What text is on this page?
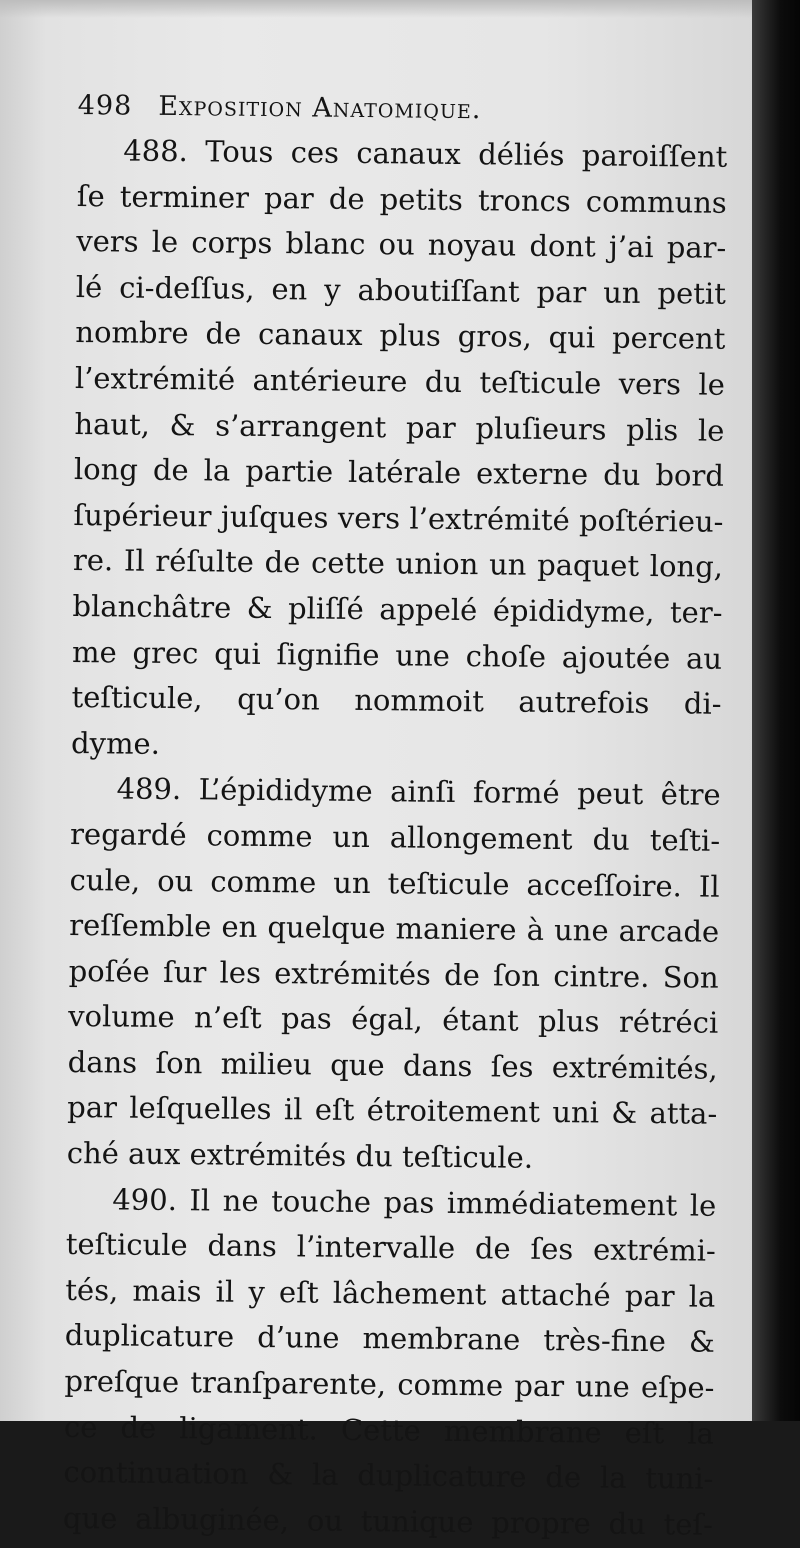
498 Exposition Anatomique.
488. Tous ces canaux déliés paroiſſent
ſe terminer par de petits troncs communs
vers le corps blanc ou noyau dont j’ai par-
lé ci-deſſus, en y aboutiſſant par un petit
nombre de canaux plus gros, qui percent
l’extrémité antérieure du teſticule vers le
haut, & s’arrangent par pluſieurs plis le
long de la partie latérale externe du bord
ſupérieur juſques vers l’extrémité poſtérieu-
re. Il réſulte de cette union un paquet long,
blanchâtre & pliſſé appelé épididyme, ter-
me grec qui ſignifie une choſe ajoutée au
teſticule, qu’on nommoit autrefois di-
dyme.
489. L’épididyme ainſi formé peut être
regardé comme un allongement du teſti-
cule, ou comme un teſticule acceſſoire. Il
reſſemble en quelque maniere à une arcade
poſée ſur les extrémités de ſon cintre. Son
volume n’eſt pas égal, étant plus rétréci
dans ſon milieu que dans ſes extrémités,
par leſquelles il eſt étroitement uni & atta-
ché aux extrémités du teſticule.
490. Il ne touche pas immédiatement le
teſticule dans l’intervalle de ſes extrémi-
tés, mais il y eſt lâchement attaché par la
duplicature d’une membrane très-fine &
preſque tranſparente, comme par une eſpe-
ce de ligament. Cette membrane eſt la
continuation & la duplicature de la tuni-
que albuginée, ou tunique propre du teſ-
